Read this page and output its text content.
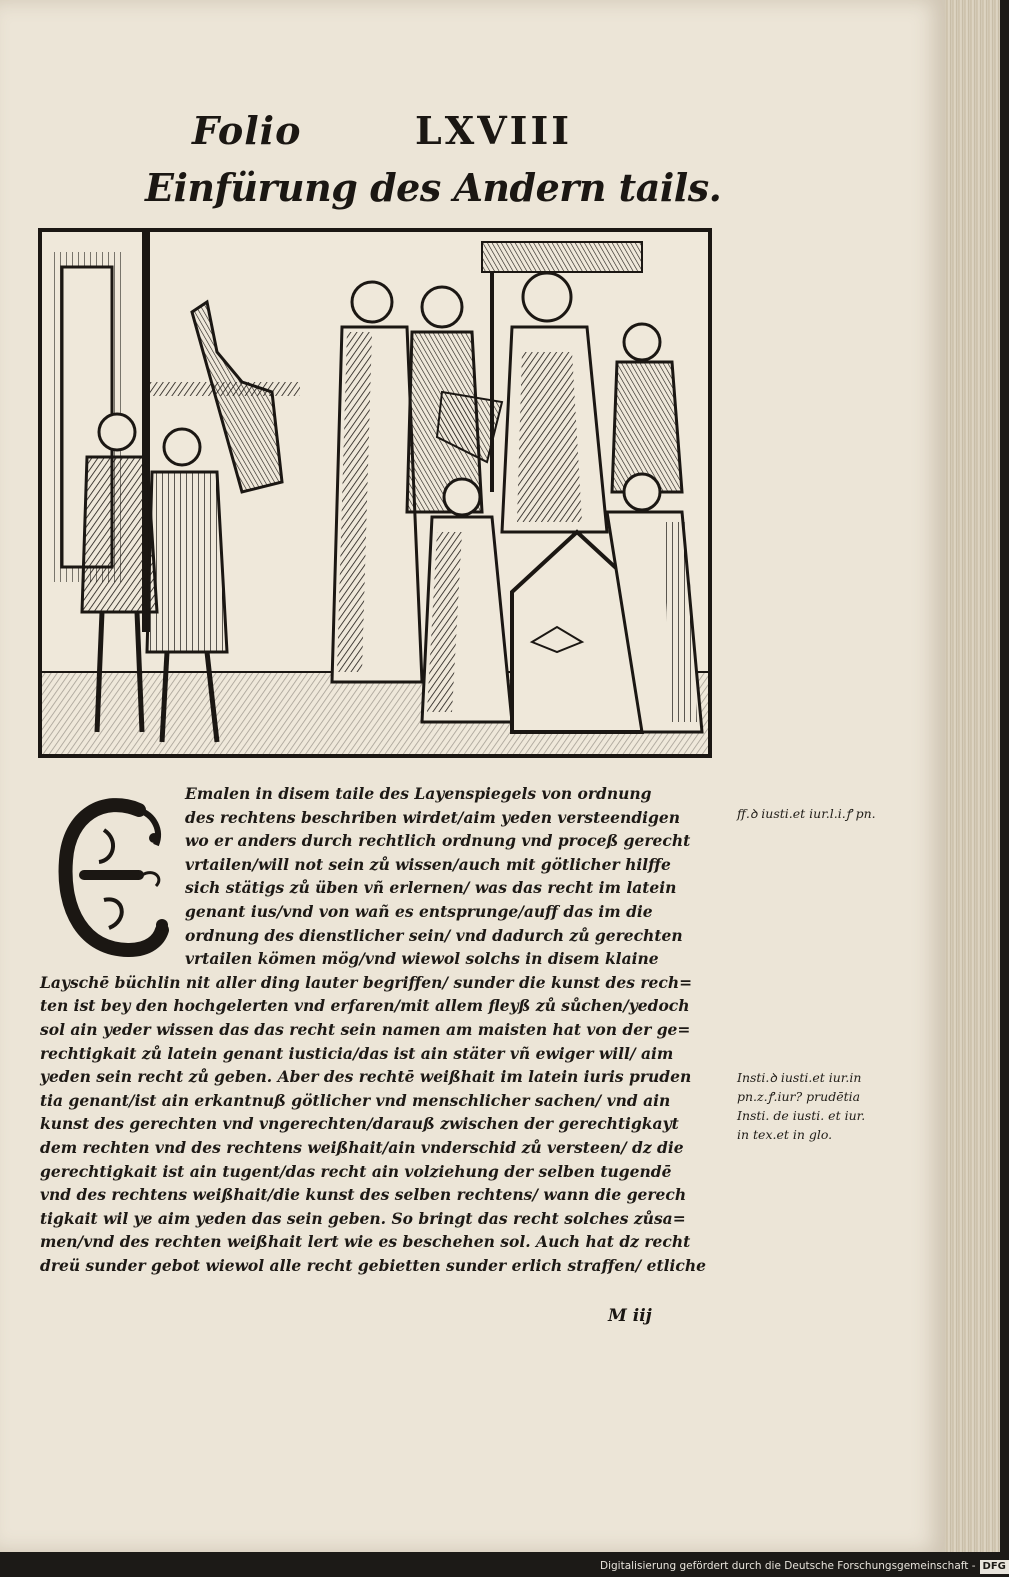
Folio	LXVIII
Einfürung des Andern tails.
Emalen in disem taile des Layenspiegels von ordnung
des rechtens beschriben wirdet/aim yeden versteendigen
wo er anders durch rechtlich ordnung vnd proceß gerecht
vrtailen/will not sein zů wissen/auch mit götlicher hilffe
sich stätigs zů üben vñ erlernen/ was das recht im latein
genant ius/vnd von wañ es entsprunge/auff das im die
ordnung des dienstlicher sein/ vnd dadurch zů gerechten
vrtailen kömen mög/vnd wiewol solchs in disem klaine
Layschē büchlin nit aller ding lauter begriffen/ sunder die kunst des rech=
ten ist bey den hochgelerten vnd erfaren/mit allem fleyß zů sůchen/yedoch
sol ain yeder wissen das das recht sein namen am maisten hat von der ge=
rechtigkait zů latein genant iusticia/das ist ain stäter vñ ewiger will/ aim
yeden sein recht zů geben. Aber des rechtē weißhait im latein iuris pruden
tia genant/ist ain erkantnuß götlicher vnd menschlicher sachen/ vnd ain
kunst des gerechten vnd vngerechten/darauß zwischen der gerechtigkayt
dem rechten vnd des rechtens weißhait/ain vnderschid zů versteen/ dz die
gerechtigkait ist ain tugent/das recht ain volziehung der selben tugendē
vnd des rechtens weißhait/die kunst des selben rechtens/ wann die gerech
tigkait wil ye aim yeden das sein geben. So bringt das recht solches zůsa=
men/vnd des rechten weißhait lert wie es beschehen sol. Auch hat dz recht
dreü sunder gebot wiewol alle recht gebietten sunder erlich straffen/ etliche
M iij
ff.ꝺ iusti.et iur.l.i.ꝭ pn.
Insti.ꝺ iusti.et iur.in
pn.z.ꝭ.iur? prudētia
Insti. de iusti. et iur.
in tex.et in glo.
Digitalisierung gefördert durch die Deutsche Forschungsgemeinschaft - DFG
